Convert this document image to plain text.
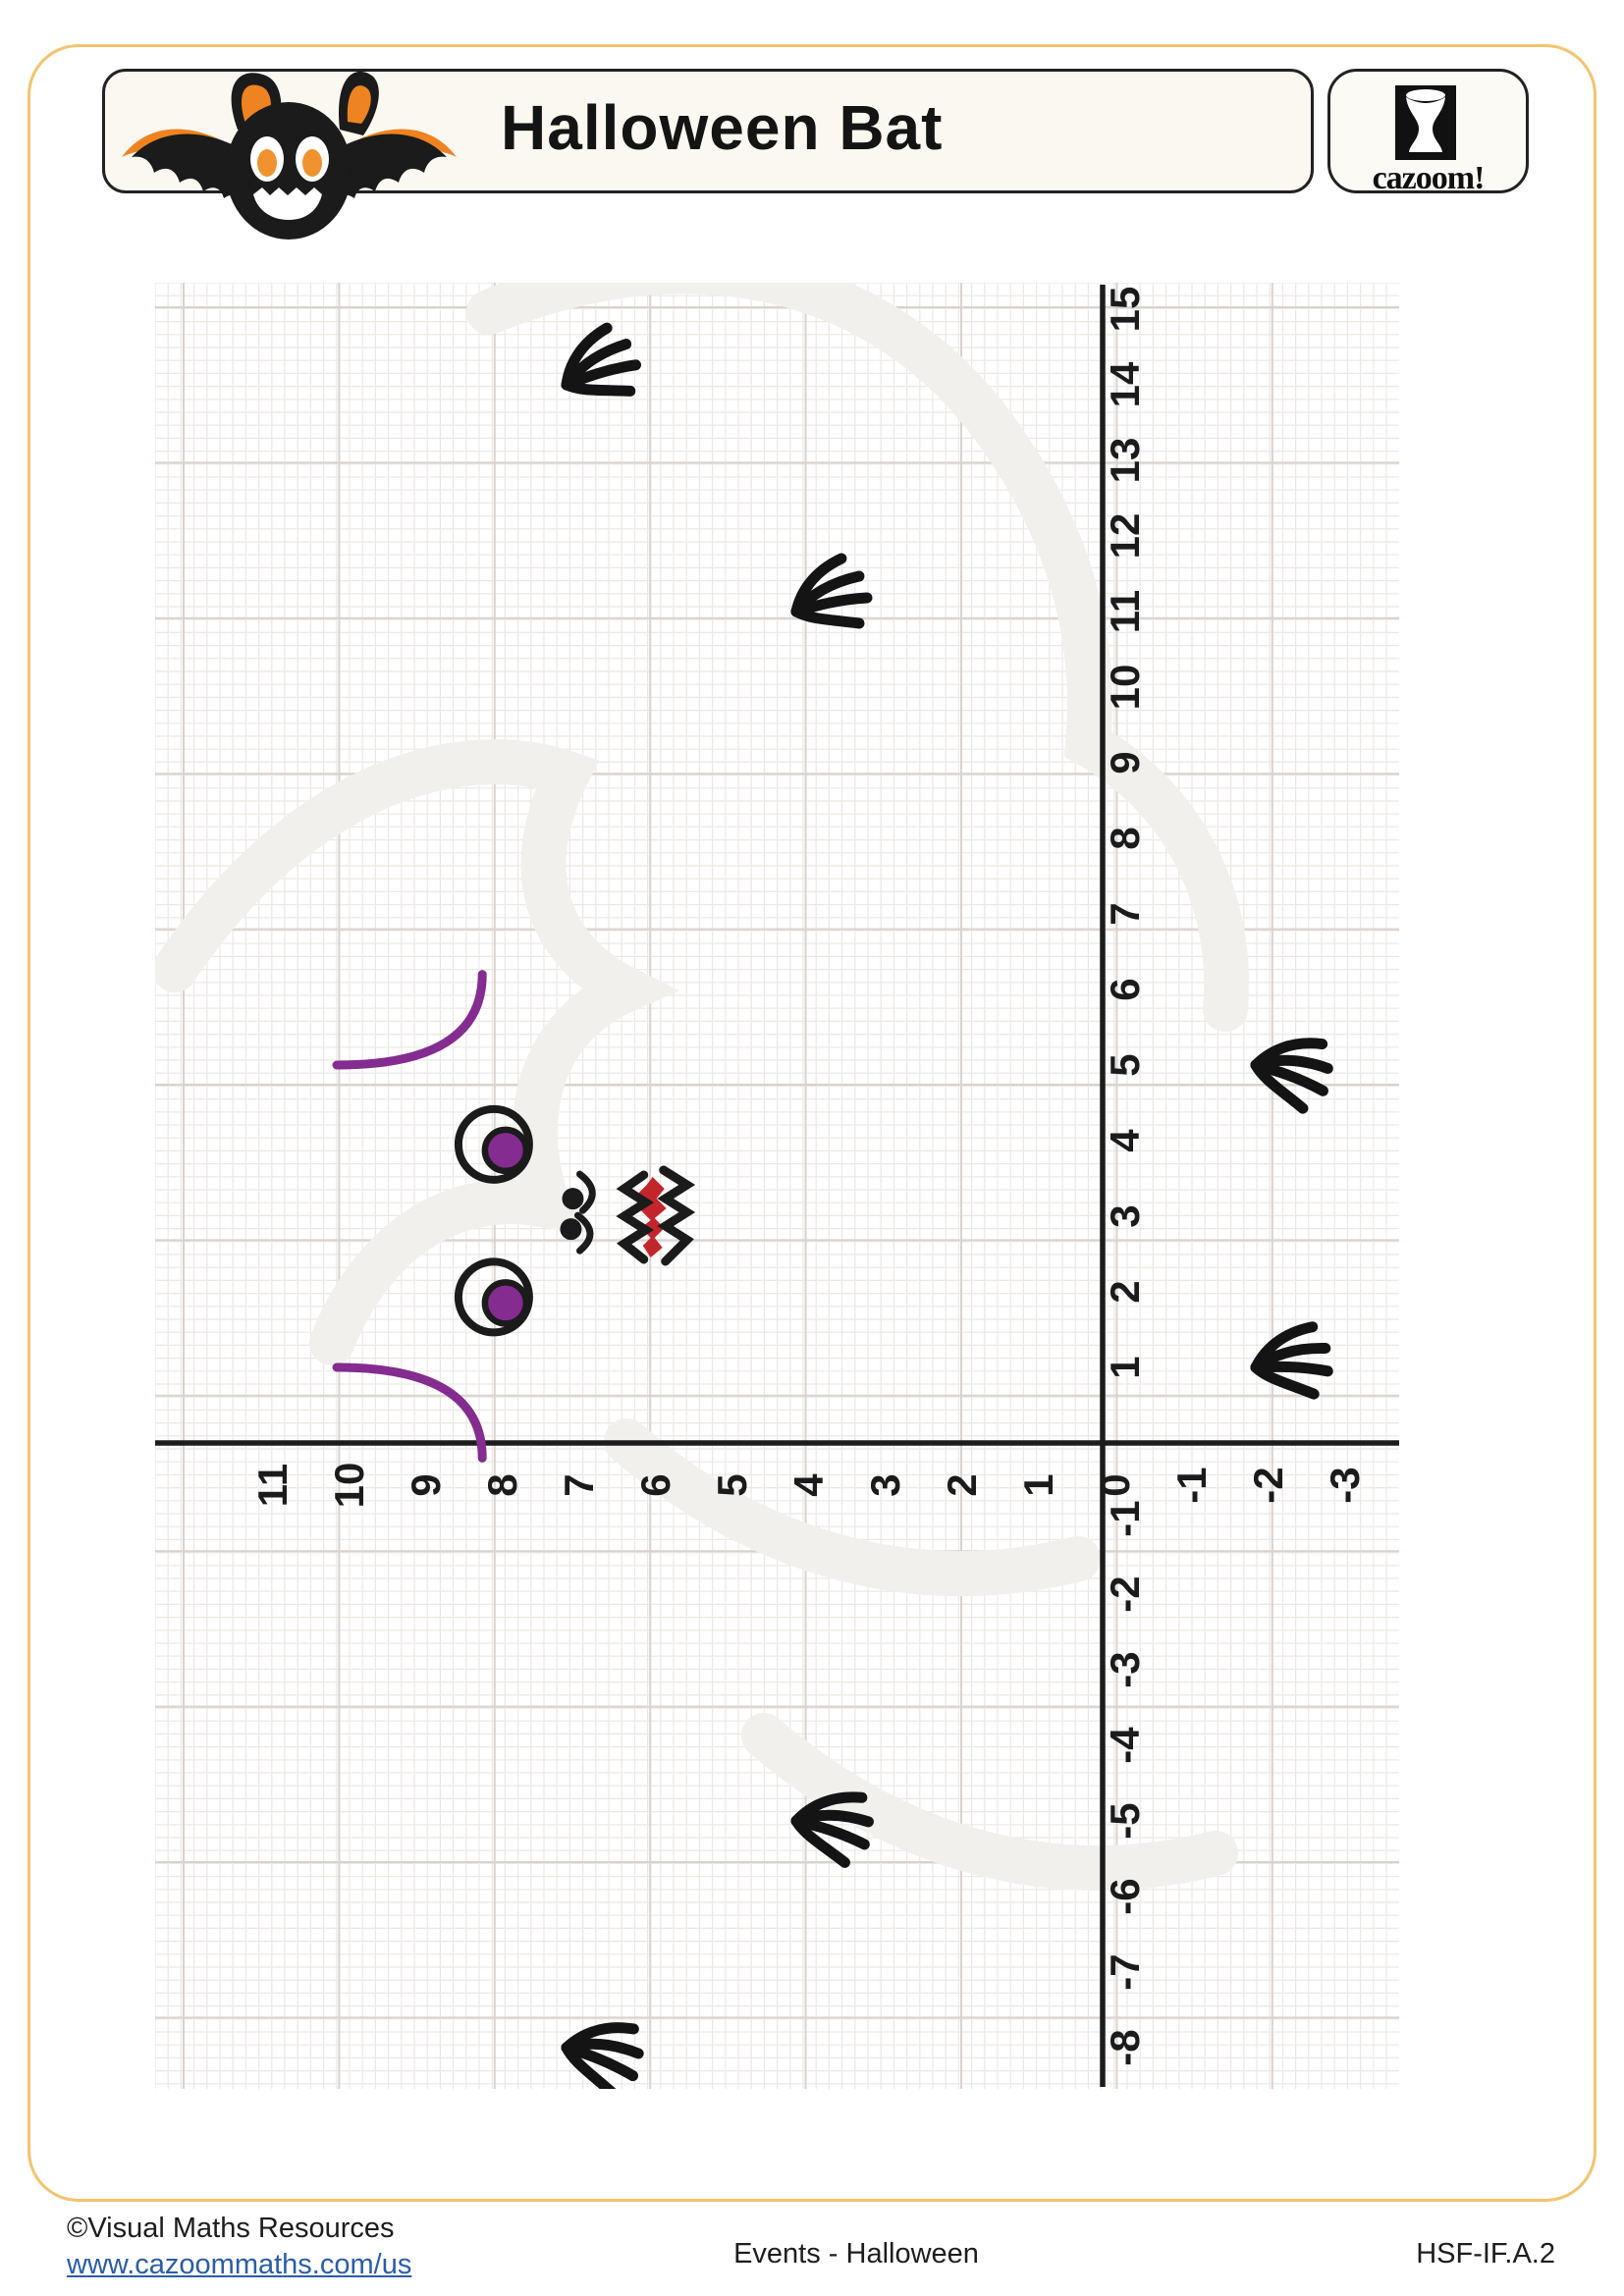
Halloween Bat
cazoom!
15
14
13
12
11
10
9
8
7
6
5
4
3
2
1
-1
-2
-3
-4
-5
-6
-7
-8
11 10 9 8 7 6 5 4 3 2 1 0 -1 -2 -3
©Visual Maths Resources
www.cazoommaths.com/us	Events - Halloween	HSF-IF.A.2
